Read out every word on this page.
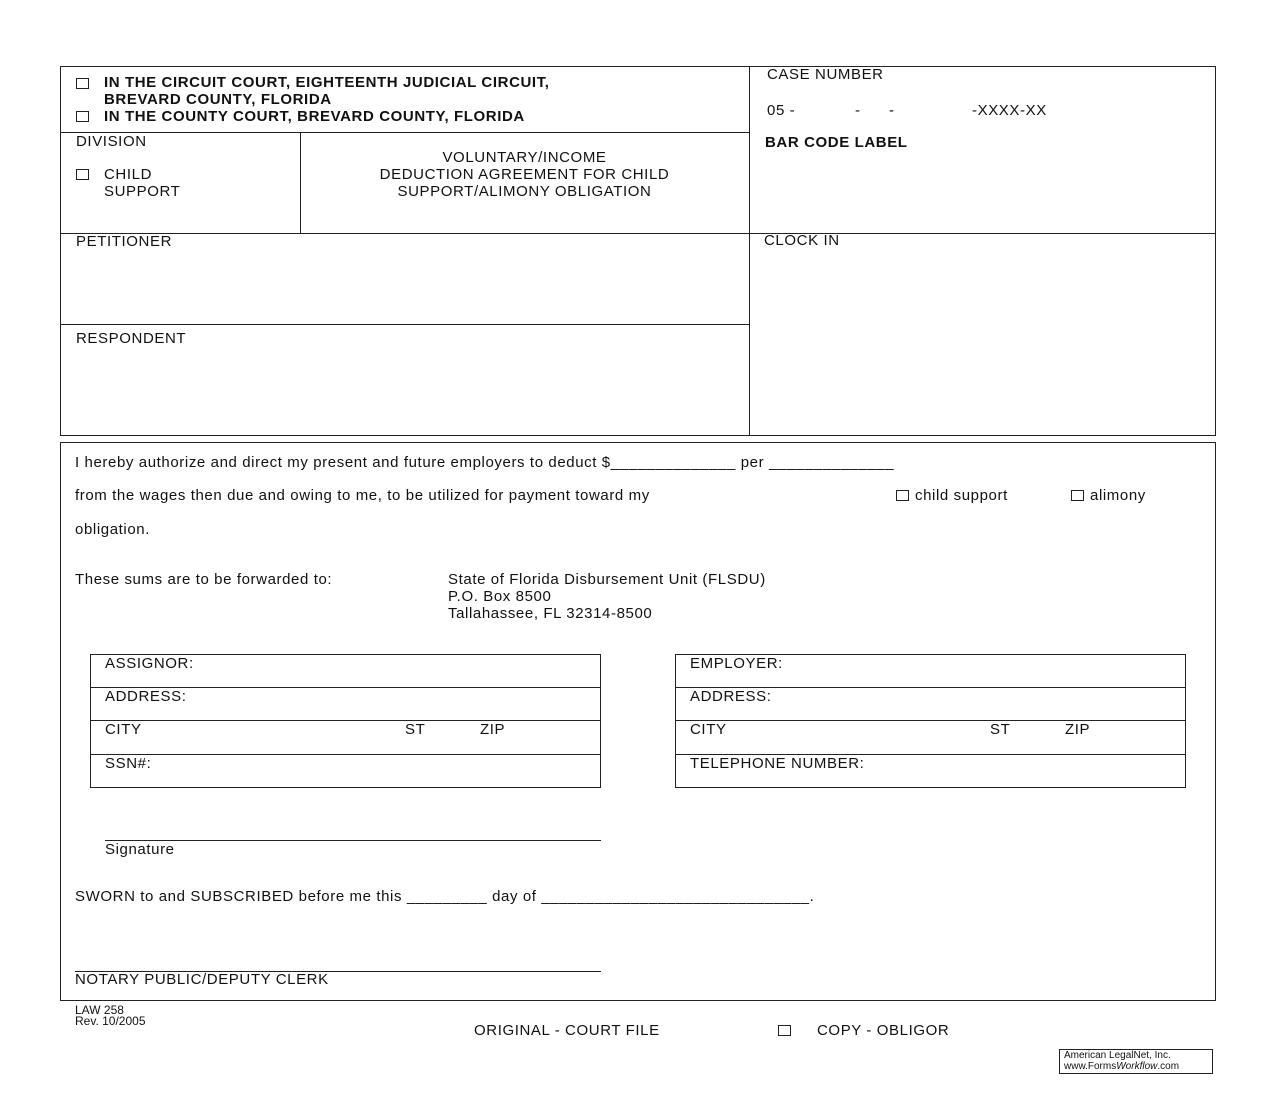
IN THE CIRCUIT COURT, EIGHTEENTH JUDICIAL CIRCUIT,
BREVARD COUNTY, FLORIDA
IN THE COUNTY COURT, BREVARD COUNTY, FLORIDA
CASE NUMBER
05 -	- -	-XXXX-XX
BAR CODE LABEL
DIVISION
CHILD
SUPPORT
VOLUNTARY/INCOME
DEDUCTION AGREEMENT FOR CHILD
SUPPORT/ALIMONY OBLIGATION
PETITIONER
RESPONDENT
CLOCK IN
I hereby authorize and direct my present and future employers to deduct $______________ per ______________
from the wages then due and owing to me, to be utilized for payment toward my	child support	alimony
obligation.
These sums are to be forwarded to:	State of Florida Disbursement Unit (FLSDU)
P.O. Box 8500
Tallahassee, FL 32314-8500
ASSIGNOR:
ADDRESS:
CITY	ST	ZIP
SSN#:
EMPLOYER:
ADDRESS:
CITY	ST	ZIP
TELEPHONE NUMBER:
Signature
SWORN to and SUBSCRIBED before me this _________ day of ______________________________.
NOTARY PUBLIC/DEPUTY CLERK
LAW 258
Rev. 10/2005
ORIGINAL - COURT FILE	COPY - OBLIGOR
American LegalNet, Inc.
www.FormsWorkflow.com
